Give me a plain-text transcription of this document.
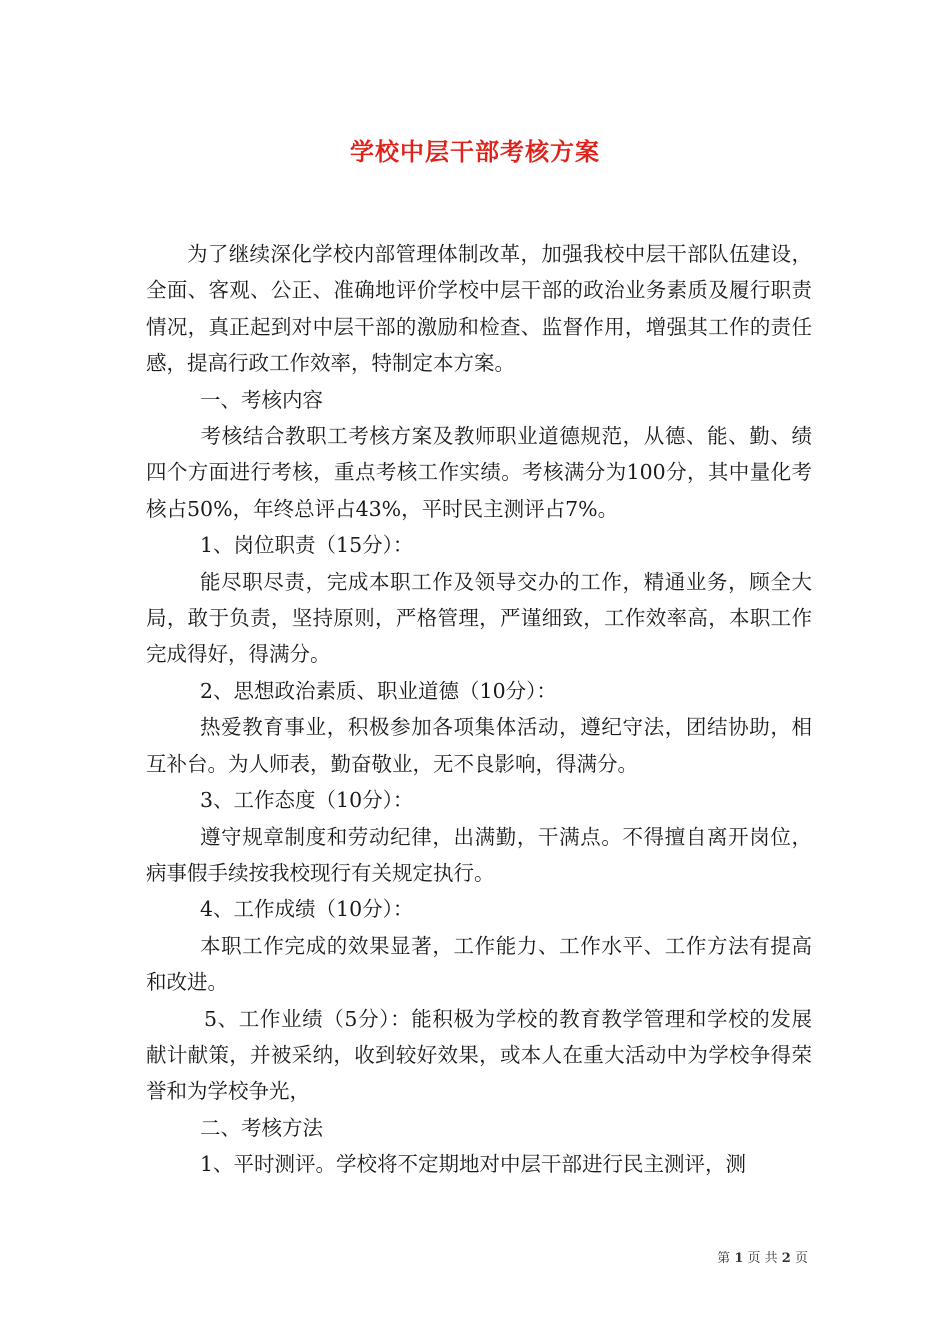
学校中层干部考核方案

为了继续深化学校内部管理体制改革，加强我校中层干部队伍建设，全面、客观、公正、准确地评价学校中层干部的政治业务素质及履行职责情况，真正起到对中层干部的激励和检查、监督作用，增强其工作的责任感，提高行政工作效率，特制定本方案。

一、考核内容

考核结合教职工考核方案及教师职业道德规范，从德、能、勤、绩四个方面进行考核，重点考核工作实绩。考核满分为100分，其中量化考核占50%，年终总评占43%，平时民主测评占7%。

1、岗位职责（15分）：

能尽职尽责，完成本职工作及领导交办的工作，精通业务，顾全大局，敢于负责，坚持原则，严格管理，严谨细致，工作效率高，本职工作完成得好，得满分。

2、思想政治素质、职业道德（10分）：

热爱教育事业，积极参加各项集体活动，遵纪守法，团结协助，相互补台。为人师表，勤奋敬业，无不良影响，得满分。

3、工作态度（10分）：

遵守规章制度和劳动纪律，出满勤，干满点。不得擅自离开岗位，病事假手续按我校现行有关规定执行。

4、工作成绩（10分）：

本职工作完成的效果显著，工作能力、工作水平、工作方法有提高和改进。

5、工作业绩（5分）：能积极为学校的教育教学管理和学校的发展献计献策，并被采纳，收到较好效果，或本人在重大活动中为学校争得荣誉和为学校争光，

二、考核方法

1、平时测评。学校将不定期地对中层干部进行民主测评，测

第 1 页 共 2 页
